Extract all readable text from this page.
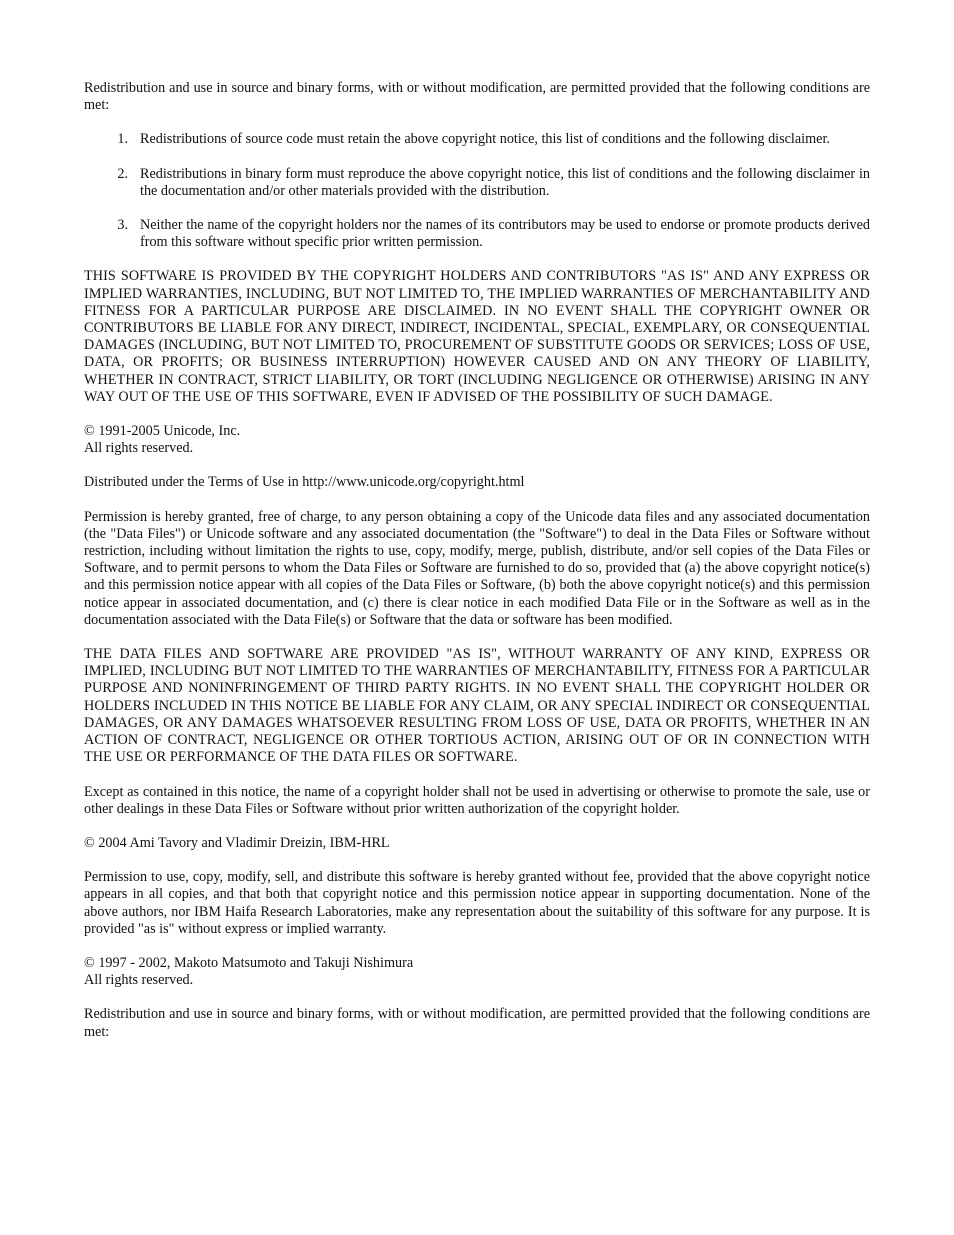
Redistribution and use in source and binary forms, with or without modification, are permitted provided that the following conditions are met:

1. Redistributions of source code must retain the above copyright notice, this list of conditions and the following disclaimer.
2. Redistributions in binary form must reproduce the above copyright notice, this list of conditions and the following disclaimer in the documentation and/or other materials provided with the distribution.
3. Neither the name of the copyright holders nor the names of its contributors may be used to endorse or promote products derived from this software without specific prior written permission.

THIS SOFTWARE IS PROVIDED BY THE COPYRIGHT HOLDERS AND CONTRIBUTORS "AS IS" AND ANY EXPRESS OR IMPLIED WARRANTIES, INCLUDING, BUT NOT LIMITED TO, THE IMPLIED WARRANTIES OF MERCHANTABILITY AND FITNESS FOR A PARTICULAR PURPOSE ARE DISCLAIMED. IN NO EVENT SHALL THE COPYRIGHT OWNER OR CONTRIBUTORS BE LIABLE FOR ANY DIRECT, INDIRECT, INCIDENTAL, SPECIAL, EXEMPLARY, OR CONSEQUENTIAL DAMAGES (INCLUDING, BUT NOT LIMITED TO, PROCUREMENT OF SUBSTITUTE GOODS OR SERVICES; LOSS OF USE, DATA, OR PROFITS; OR BUSINESS INTERRUPTION) HOWEVER CAUSED AND ON ANY THEORY OF LIABILITY, WHETHER IN CONTRACT, STRICT LIABILITY, OR TORT (INCLUDING NEGLIGENCE OR OTHERWISE) ARISING IN ANY WAY OUT OF THE USE OF THIS SOFTWARE, EVEN IF ADVISED OF THE POSSIBILITY OF SUCH DAMAGE.

© 1991-2005 Unicode, Inc.
All rights reserved.

Distributed under the Terms of Use in http://www.unicode.org/copyright.html

Permission is hereby granted, free of charge, to any person obtaining a copy of the Unicode data files and any associated documentation (the "Data Files") or Unicode software and any associated documentation (the "Software") to deal in the Data Files or Software without restriction, including without limitation the rights to use, copy, modify, merge, publish, distribute, and/or sell copies of the Data Files or Software, and to permit persons to whom the Data Files or Software are furnished to do so, provided that (a) the above copyright notice(s) and this permission notice appear with all copies of the Data Files or Software, (b) both the above copyright notice(s) and this permission notice appear in associated documentation, and (c) there is clear notice in each modified Data File or in the Software as well as in the documentation associated with the Data File(s) or Software that the data or software has been modified.

THE DATA FILES AND SOFTWARE ARE PROVIDED "AS IS", WITHOUT WARRANTY OF ANY KIND, EXPRESS OR IMPLIED, INCLUDING BUT NOT LIMITED TO THE WARRANTIES OF MERCHANTABILITY, FITNESS FOR A PARTICULAR PURPOSE AND NONINFRINGEMENT OF THIRD PARTY RIGHTS. IN NO EVENT SHALL THE COPYRIGHT HOLDER OR HOLDERS INCLUDED IN THIS NOTICE BE LIABLE FOR ANY CLAIM, OR ANY SPECIAL INDIRECT OR CONSEQUENTIAL DAMAGES, OR ANY DAMAGES WHATSOEVER RESULTING FROM LOSS OF USE, DATA OR PROFITS, WHETHER IN AN ACTION OF CONTRACT, NEGLIGENCE OR OTHER TORTIOUS ACTION, ARISING OUT OF OR IN CONNECTION WITH THE USE OR PERFORMANCE OF THE DATA FILES OR SOFTWARE.

Except as contained in this notice, the name of a copyright holder shall not be used in advertising or otherwise to promote the sale, use or other dealings in these Data Files or Software without prior written authorization of the copyright holder.

© 2004 Ami Tavory and Vladimir Dreizin, IBM-HRL

Permission to use, copy, modify, sell, and distribute this software is hereby granted without fee, provided that the above copyright notice appears in all copies, and that both that copyright notice and this permission notice appear in supporting documentation. None of the above authors, nor IBM Haifa Research Laboratories, make any representation about the suitability of this software for any purpose. It is provided "as is" without express or implied warranty.

© 1997 - 2002, Makoto Matsumoto and Takuji Nishimura
All rights reserved.

Redistribution and use in source and binary forms, with or without modification, are permitted provided that the following conditions are met:
